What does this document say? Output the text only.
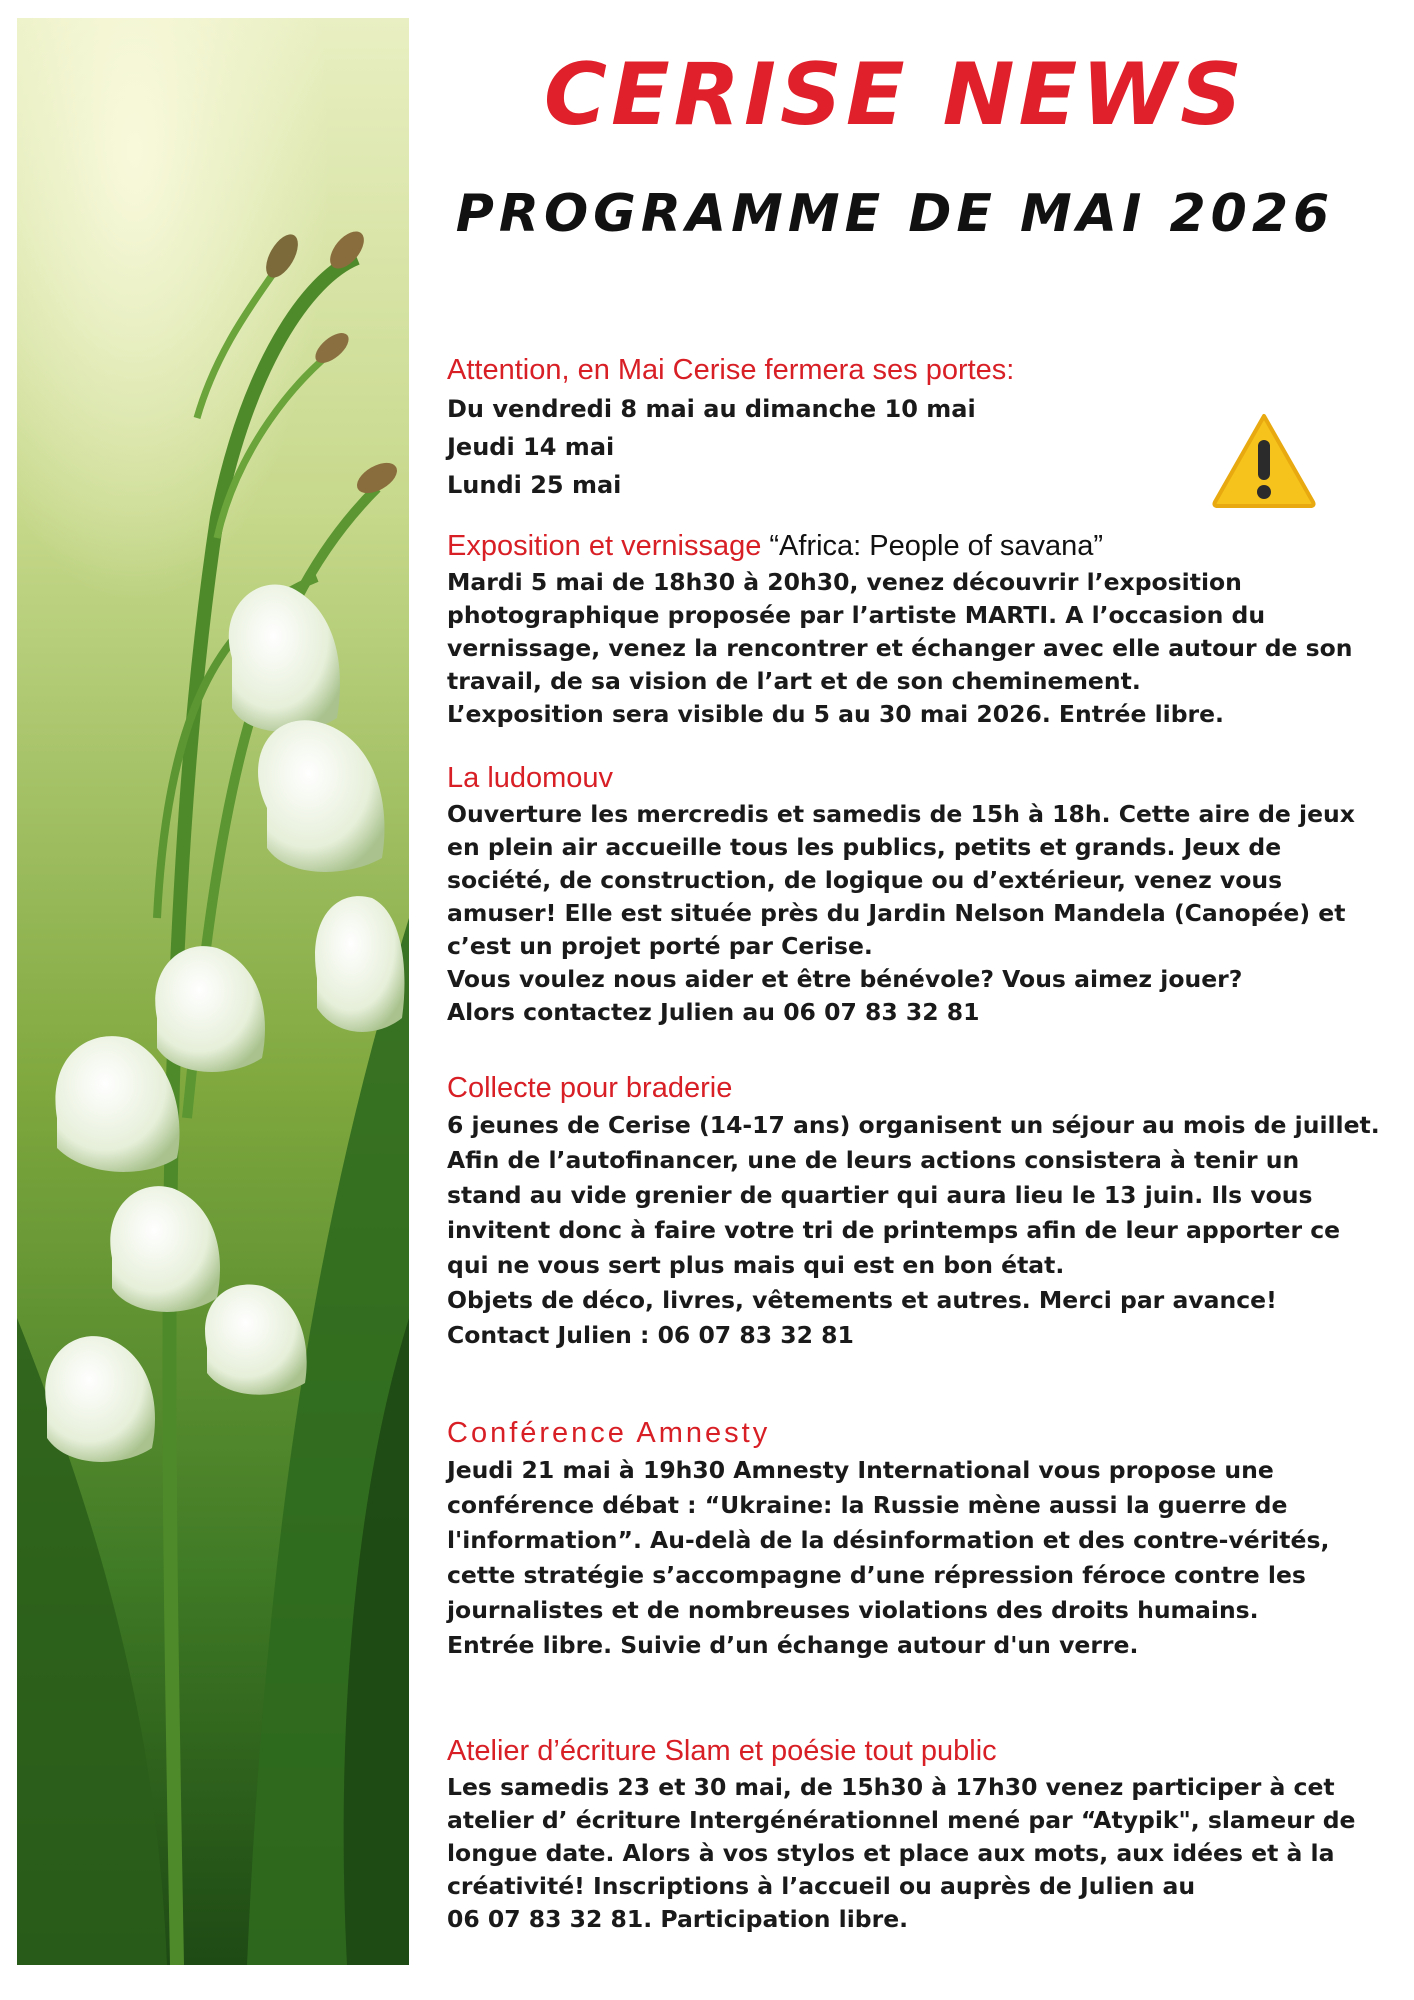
CERISE NEWS
PROGRAMME DE MAI 2026
Attention, en Mai Cerise fermera ses portes:

Du vendredi 8 mai au dimanche 10 mai
Jeudi 14 mai
Lundi 25 mai

Exposition et vernissage “Africa: People of savana”

Mardi 5 mai de 18h30 à 20h30, venez découvrir l’exposition
photographique proposée par l’artiste MARTI. A l’occasion du
vernissage, venez la rencontrer et échanger avec elle autour de son
travail, de sa vision de l’art et de son cheminement.
L’exposition sera visible du 5 au 30 mai 2026. Entrée libre.

La ludomouv

Ouverture les mercredis et samedis de 15h à 18h. Cette aire de jeux
en plein air accueille tous les publics, petits et grands. Jeux de
société, de construction, de logique ou d’extérieur, venez vous
amuser! Elle est située près du Jardin Nelson Mandela (Canopée) et
c’est un projet porté par Cerise.
Vous voulez nous aider et être bénévole? Vous aimez jouer?
Alors contactez Julien au 06 07 83 32 81

Collecte pour braderie

6 jeunes de Cerise (14-17 ans) organisent un séjour au mois de juillet.
Afin de l’autofinancer, une de leurs actions consistera à tenir un
stand au vide grenier de quartier qui aura lieu le 13 juin. Ils vous
invitent donc à faire votre tri de printemps afin de leur apporter ce
qui ne vous sert plus mais qui est en bon état.
Objets de déco, livres, vêtements et autres. Merci par avance!
Contact Julien : 06 07 83 32 81

Conférence Amnesty

Jeudi 21 mai à 19h30 Amnesty International vous propose une
conférence débat : “Ukraine: la Russie mène aussi la guerre de
l'information”. Au-delà de la désinformation et des contre-vérités,
cette stratégie s’accompagne d’une répression féroce contre les
journalistes et de nombreuses violations des droits humains.
Entrée libre. Suivie d’un échange autour d'un verre.

Atelier d’écriture Slam et poésie tout public

Les samedis 23 et 30 mai, de 15h30 à 17h30 venez participer à cet
atelier d’ écriture Intergénérationnel mené par “Atypik", slameur de
longue date. Alors à vos stylos et place aux mots, aux idées et à la
créativité! Inscriptions à l’accueil ou auprès de Julien au
06 07 83 32 81. Participation libre.
